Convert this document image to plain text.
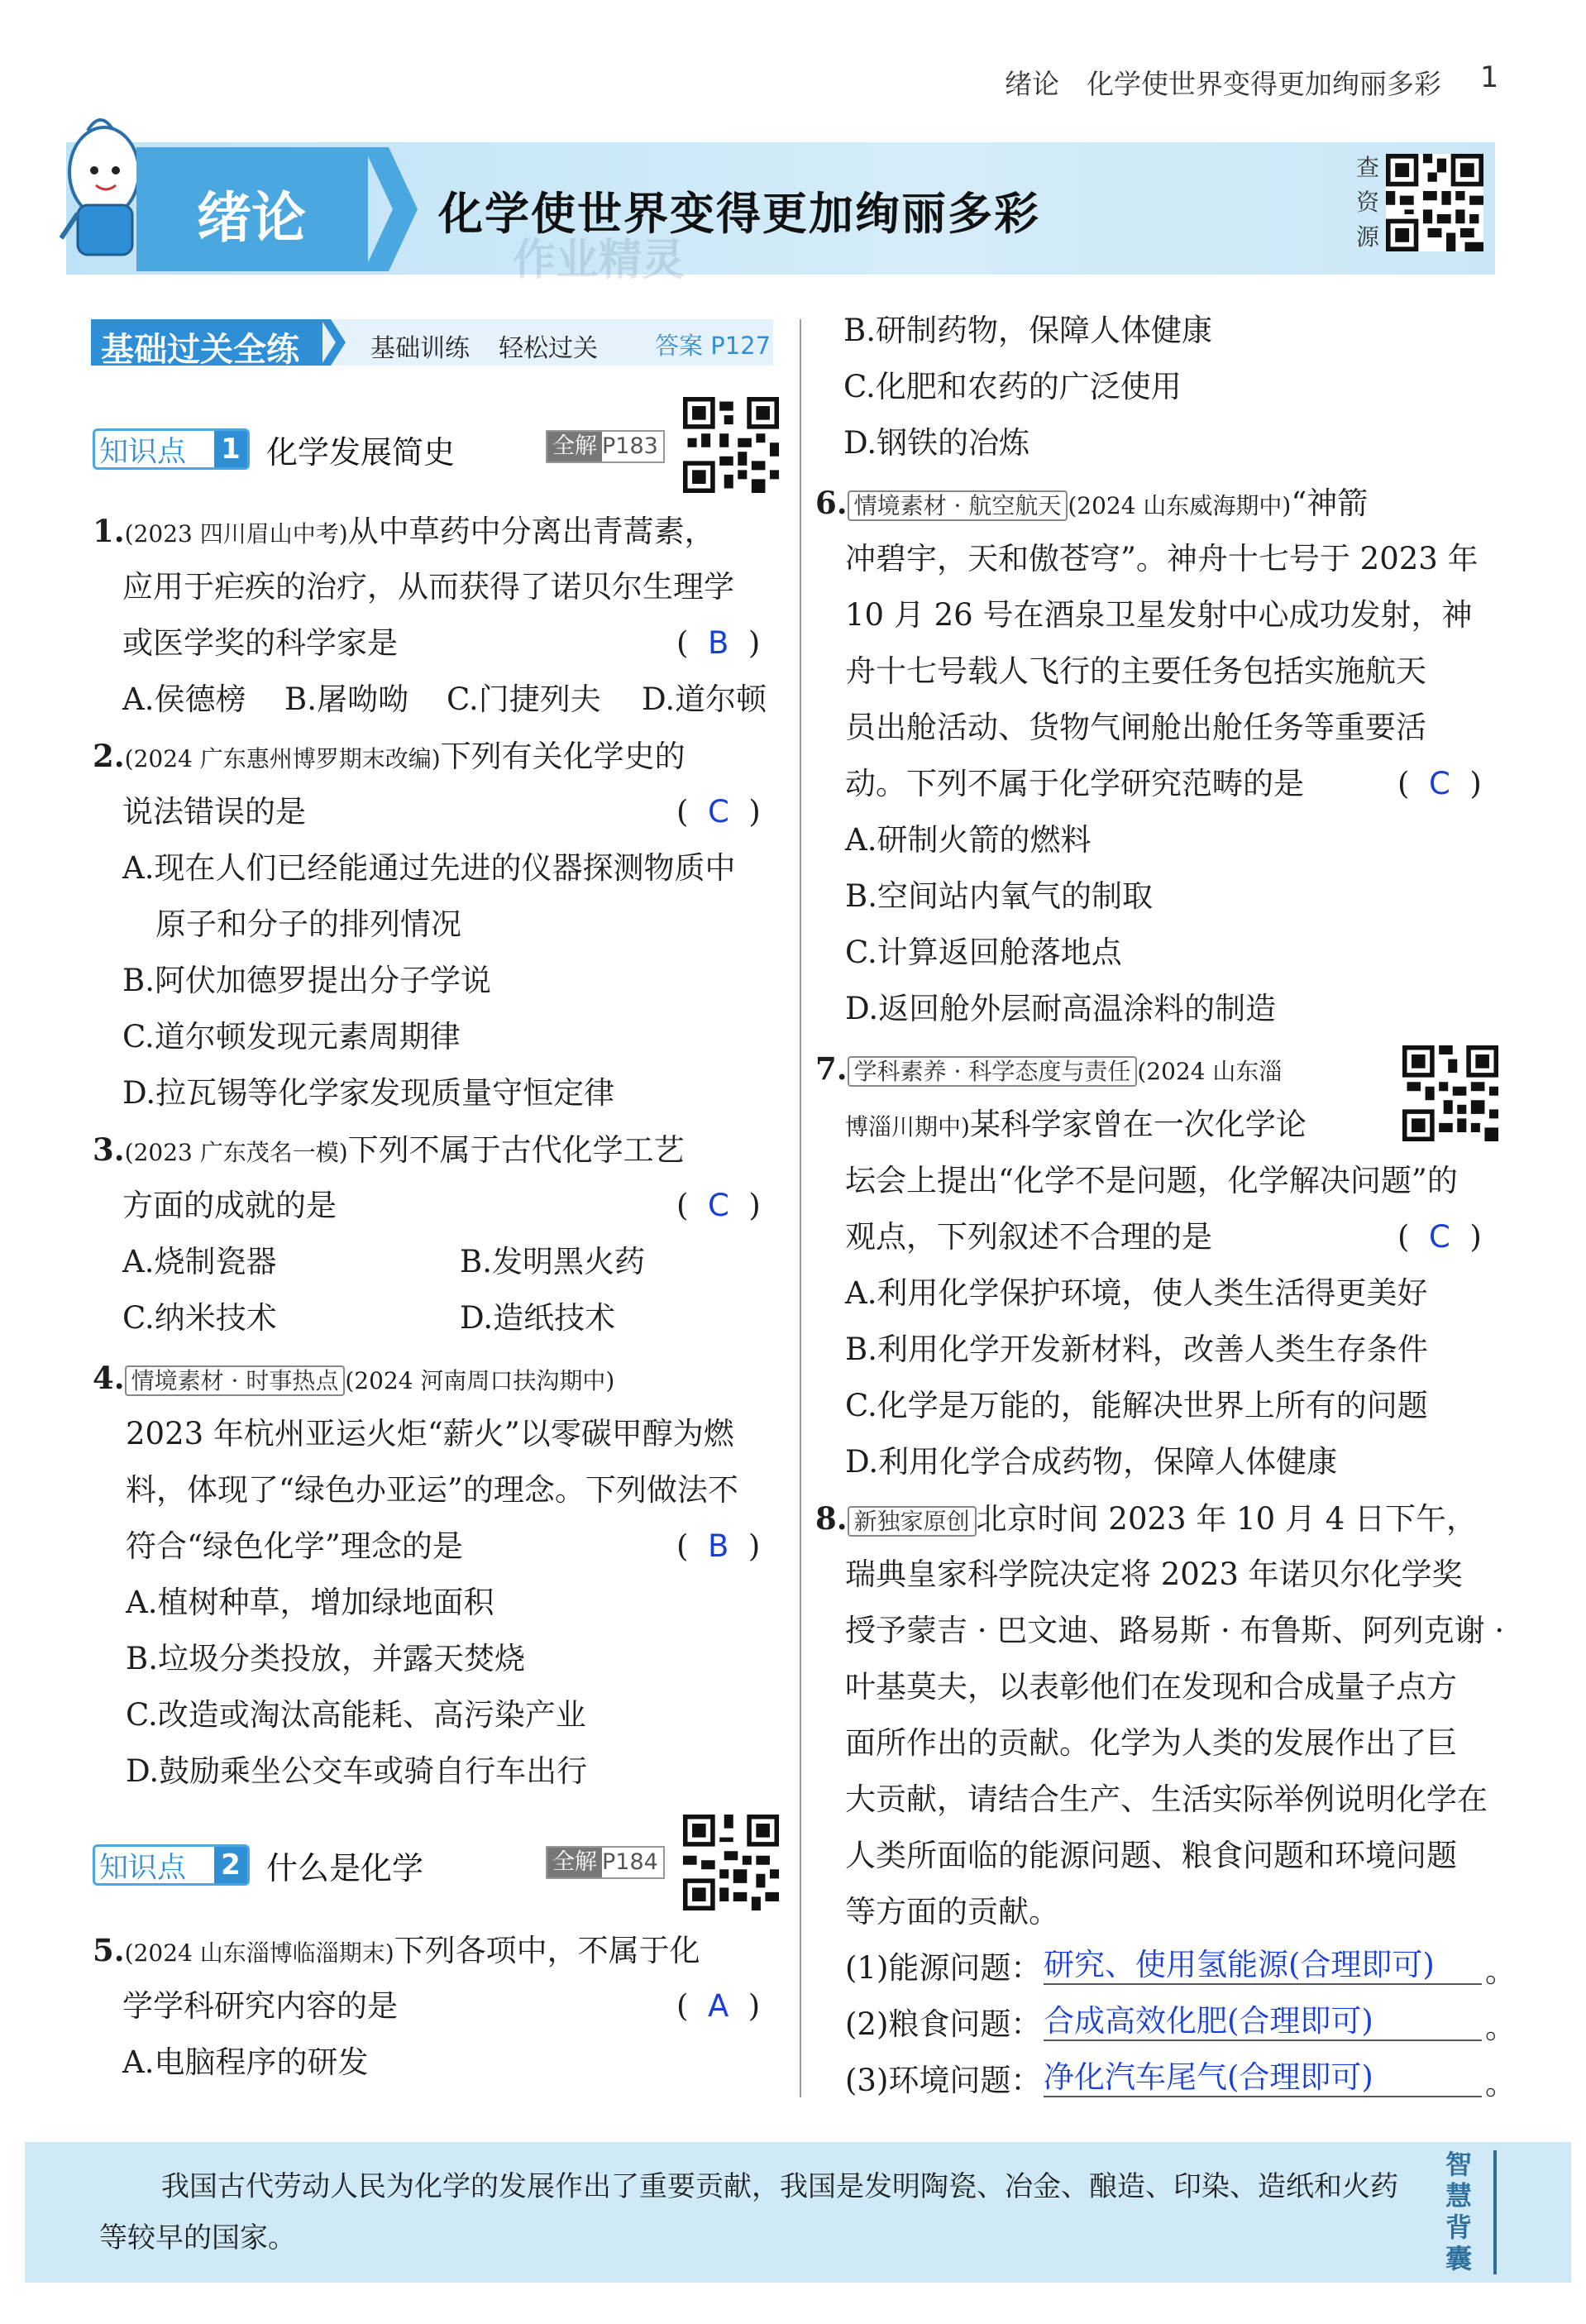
绪论　化学使世界变得更加绚丽多彩 1
绪论	化学使世界变得更加绚丽多彩
作业精灵
查资源
基础过关全练	基础训练 轻松过关 答案 P127
知识点 1 化学发展简史	全解 P183
1.(2023 四川眉山中考)从中草药中分离出青蒿素，
应用于疟疾的治疗，从而获得了诺贝尔生理学
或医学奖的科学家是	(  B  )
A.侯德榜 B.屠呦呦 C.门捷列夫 D.道尔顿
2.(2024 广东惠州博罗期末改编)下列有关化学史的
说法错误的是	(  C  )
A.现在人们已经能通过先进的仪器探测物质中
原子和分子的排列情况
B.阿伏加德罗提出分子学说
C.道尔顿发现元素周期律
D.拉瓦锡等化学家发现质量守恒定律
3.(2023 广东茂名一模)下列不属于古代化学工艺
方面的成就的是	(  C  )
A.烧制瓷器	B.发明黑火药
C.纳米技术	D.造纸技术
4. 情境素材 · 时事热点 (2024 河南周口扶沟期中)
2023 年杭州亚运火炬“薪火”以零碳甲醇为燃
料，体现了“绿色办亚运”的理念。下列做法不
符合“绿色化学”理念的是	(  B  )
A.植树种草，增加绿地面积
B.垃圾分类投放，并露天焚烧
C.改造或淘汰高能耗、高污染产业
D.鼓励乘坐公交车或骑自行车出行
知识点 2 什么是化学	全解 P184
5.(2024 山东淄博临淄期末)下列各项中，不属于化
学学科研究内容的是	(  A  )
A.电脑程序的研发
B.研制药物，保障人体健康
C.化肥和农药的广泛使用
D.钢铁的冶炼
6. 情境素材 · 航空航天 (2024 山东威海期中)“神箭
冲碧宇，天和傲苍穹”。神舟十七号于 2023 年
10 月 26 号在酒泉卫星发射中心成功发射，神
舟十七号载人飞行的主要任务包括实施航天
员出舱活动、货物气闸舱出舱任务等重要活
动。下列不属于化学研究范畴的是	(  C  )
A.研制火箭的燃料
B.空间站内氧气的制取
C.计算返回舱落地点
D.返回舱外层耐高温涂料的制造
7. 学科素养 · 科学态度与责任 (2024 山东淄
博淄川期中)某科学家曾在一次化学论
坛会上提出“化学不是问题，化学解决问题”的
观点，下列叙述不合理的是	(  C  )
A.利用化学保护环境，使人类生活得更美好
B.利用化学开发新材料，改善人类生存条件
C.化学是万能的，能解决世界上所有的问题
D.利用化学合成药物，保障人体健康
8. 新独家原创 北京时间 2023 年 10 月 4 日下午，
瑞典皇家科学院决定将 2023 年诺贝尔化学奖
授予蒙吉 · 巴文迪、路易斯 · 布鲁斯、阿列克谢 ·
叶基莫夫，以表彰他们在发现和合成量子点方
面所作出的贡献。化学为人类的发展作出了巨
大贡献，请结合生产、生活实际举例说明化学在
人类所面临的能源问题、粮食问题和环境问题
等方面的贡献。
(1)能源问题： 研究、使用氢能源(合理即可)	。
(2)粮食问题： 合成高效化肥(合理即可)	。
(3)环境问题： 净化汽车尾气(合理即可)	。
我国古代劳动人民为化学的发展作出了重要贡献，我国是发明陶瓷、冶金、酿造、印染、造纸和火药
等较早的国家。
智慧背囊
